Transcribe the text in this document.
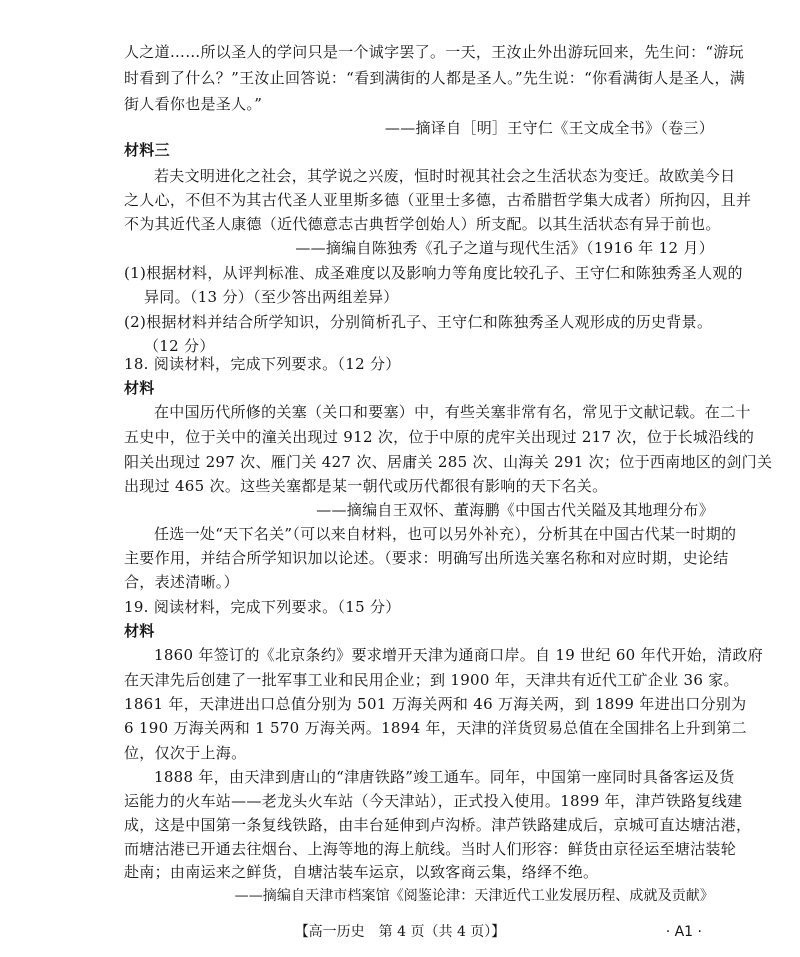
人之道……所以圣人的学问只是一个诚字罢了。一天，王汝止外出游玩回来，先生问：“游玩

时看到了什么？”王汝止回答说：“看到满街的人都是圣人。”先生说：“你看满街人是圣人，满

街人看你也是圣人。”

——摘译自［明］王守仁《王文成全书》（卷三）

材料三

若夫文明进化之社会，其学说之兴废，恒时时视其社会之生活状态为变迁。故欧美今日

之人心，不但不为其古代圣人亚里斯多德（亚里士多德，古希腊哲学集大成者）所拘囚，且并

不为其近代圣人康德（近代德意志古典哲学创始人）所支配。以其生活状态有异于前也。

——摘编自陈独秀《孔子之道与现代生活》（1916 年 12 月）

(1)根据材料，从评判标准、成圣难度以及影响力等角度比较孔子、王守仁和陈独秀圣人观的

异同。（13 分）（至少答出两组差异）

(2)根据材料并结合所学知识，分别简析孔子、王守仁和陈独秀圣人观形成的历史背景。

（12 分）

18. 阅读材料，完成下列要求。（12 分）

材料

在中国历代所修的关塞（关口和要塞）中，有些关塞非常有名，常见于文献记载。在二十

五史中，位于关中的潼关出现过 912 次，位于中原的虎牢关出现过 217 次，位于长城沿线的

阳关出现过 297 次、雁门关 427 次、居庸关 285 次、山海关 291 次；位于西南地区的剑门关

出现过 465 次。这些关塞都是某一朝代或历代都很有影响的天下名关。

——摘编自王双怀、董海鹏《中国古代关隘及其地理分布》

任选一处“天下名关”（可以来自材料，也可以另外补充），分析其在中国古代某一时期的

主要作用，并结合所学知识加以论述。（要求：明确写出所选关塞名称和对应时期，史论结

合，表述清晰。）

19. 阅读材料，完成下列要求。（15 分）

材料

1860 年签订的《北京条约》要求增开天津为通商口岸。自 19 世纪 60 年代开始，清政府

在天津先后创建了一批军事工业和民用企业；到 1900 年，天津共有近代工矿企业 36 家。

1861 年，天津进出口总值分别为 501 万海关两和 46 万海关两，到 1899 年进出口分别为

6 190 万海关两和 1 570 万海关两。1894 年，天津的洋货贸易总值在全国排名上升到第二

位，仅次于上海。

1888 年，由天津到唐山的“津唐铁路”竣工通车。同年，中国第一座同时具备客运及货

运能力的火车站——老龙头火车站（今天津站），正式投入使用。1899 年，津芦铁路复线建

成，这是中国第一条复线铁路，由丰台延伸到卢沟桥。津芦铁路建成后，京城可直达塘沽港，

而塘沽港已开通去往烟台、上海等地的海上航线。当时人们形容：鲜货由京径运至塘沽装轮

赴南；由南运来之鲜货，自塘沽装车运京，以致客商云集，络绎不绝。

——摘编自天津市档案馆《阅鉴论津：天津近代工业发展历程、成就及贡献》

【高一历史　第 4 页（共 4 页）】	· A1 ·
